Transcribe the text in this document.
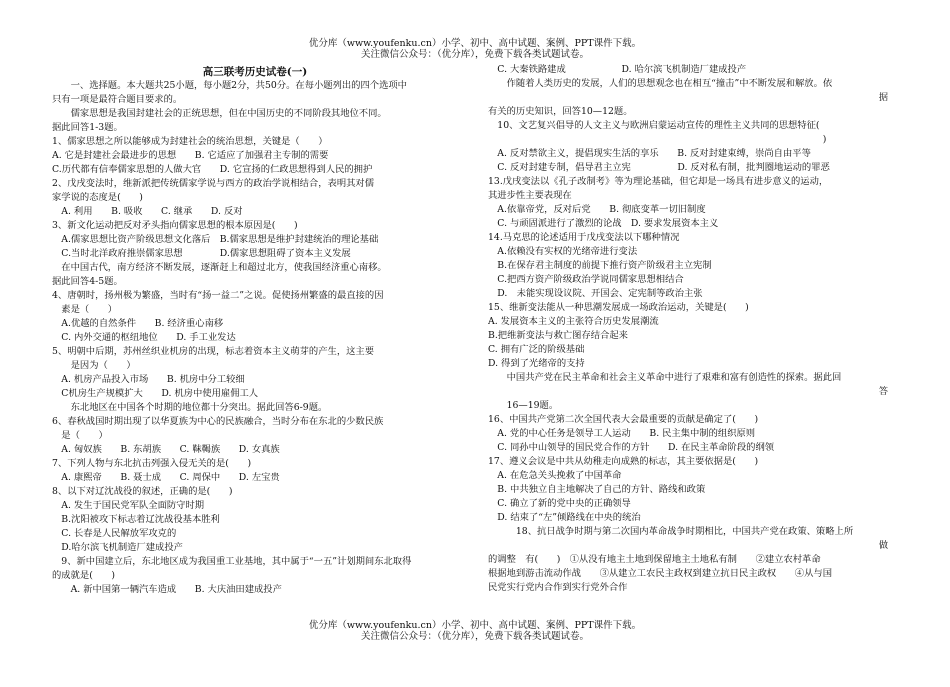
优分库（www.youfenku.cn）小学、初中、高中试题、案例、PPT课件下载。
关注微信公众号：（优分库），免费下载各类试题试卷。
高三联考历史试卷(一)
　　一、选择题。本大题共25小题，每小题2分，共50分。在每小题列出的四个选项中
只有一项是最符合题目要求的。
　　儒家思想是我国封建社会的正统思想，但在中国历史的不同阶段其地位不同。
据此回答1-3题。
1、儒家思想之所以能够成为封建社会的统治思想，关键是（　　）
A. 它是封建社会最进步的思想　　B. 它适应了加强君主专制的需要
C.历代都有信奉儒家思想的人做大官　　D. 它宣扬的仁政思想得到人民的拥护
2、戊戌变法时，维新派把传统儒家学说与西方的政治学说相结合，表明其对儒
家学说的态度是(　　)
　A. 利用　　B. 吸收　　C. 继承　　D. 反对
3、新文化运动把反对矛头指向儒家思想的根本原因是(　　)
　A.儒家思想比资产阶级思想文化落后　B.儒家思想是维护封建统治的理论基础
　C.当时北洋政府推崇儒家思想　　　　D.儒家思想阻碍了资本主义发展
　在中国古代，南方经济不断发展，逐渐赶上和超过北方，使我国经济重心南移。
据此回答4-5题。
4、唐朝时，扬州极为繁盛，当时有“扬一益二”之说。促使扬州繁盛的最直接的因
　素是（　　）
　A.优越的自然条件　　B. 经济重心南移
　C. 内外交通的枢纽地位　　D. 手工业发达
5、明朝中后期，苏州丝织业机房的出现，标志着资本主义萌芽的产生，这主要
　　是因为（　　）
　A. 机房产品投入市场　　B. 机房中分工较细
　C机房生产规模扩大　　D. 机房中使用雇佣工人
　　东北地区在中国各个时期的地位都十分突出。据此回答6-9题。
6、春秋战国时期出现了以华夏族为中心的民族融合，当时分布在东北的少数民族
　是（　　）
　A. 匈奴族　　B. 东胡族　　C. 靺鞨族　　D. 女真族
7、下列人物与东北抗击列强入侵无关的是(　　)
　A. 康熙帝　　B. 聂士成　　C. 周保中　　D. 左宝贵
8、以下对辽沈战役的叙述，正确的是(　　)
　A. 发生于国民党军队全面防守时期
　B.沈阳被攻下标志着辽沈战役基本胜利
　C. 长春是人民解放军攻克的
　D.哈尔滨飞机制造厂建成投产
　9、新中国建立后，东北地区成为我国重工业基地，其中属于“一五”计划期间东北取得
的成就是(　　)
　　A. 新中国第一辆汽车造成　　B. 大庆油田建成投产
　C. 大秦铁路建成　　　　　　D. 哈尔滨飞机制造厂建成投产
　　作随着人类历史的发展，人们的思想观念也在相互“撞击”中不断发展和解放。依
据
有关的历史知识，回答10—12题。
　10、文艺复兴倡导的人文主义与欧洲启蒙运动宣传的理性主义共同的思想特征(
　　　　　　　　　　　　　　　　　　　　　　　　　　　　　　　　　　　　)
　A. 反对禁欲主义，提倡现实生活的享乐　　B. 反对封建束缚，崇尚自由平等
　C. 反对封建专制，倡导君主立宪　　　　　D. 反对私有制，批判圈地运动的罪恶
13.戊戌变法以《孔子改制考》等为理论基础，但它却是一场具有进步意义的运动，
其进步性主要表现在
　A.依靠帝党，反对后党　　B. 彻底变革一切旧制度
　C. 与顽固派进行了激烈的论战　D. 要求发展资本主义
14.马克思的论述适用于戊戌变法以下哪种情况
　A.依赖没有实权的光绪帝进行变法
　B.在保存君主制度的前提下推行资产阶级君主立宪制
　C.把西方资产阶级政治学说同儒家思想相结合
　D.　未能实现设议院、开国会、定宪制等政治主张
15、维新变法能从一种思潮发展成一场政治运动，关键是(　　)
A. 发展资本主义的主张符合历史发展潮流
B.把维新变法与救亡图存结合起来
C. 拥有广泛的阶级基础
D. 得到了光绪帝的支持
　　中国共产党在民主革命和社会主义革命中进行了艰难和富有创造性的探索。据此回
答
　　16—19题。
16、中国共产党第二次全国代表大会最重要的贡献是确定了(　　)
　A. 党的中心任务是领导工人运动　　B. 民主集中制的组织原则
　C. 同孙中山领导的国民党合作的方针　　D. 在民主革命阶段的纲领
17、遵义会议是中共从幼稚走向成熟的标志，其主要依据是(　　)
　A. 在危急关头挽救了中国革命
　B. 中共独立自主地解决了自己的方针、路线和政策
　C. 确立了新的党中央的正确领导
　D. 结束了“左”倾路线在中央的统治
　　　18、抗日战争时期与第二次国内革命战争时期相比，中国共产党在政策、策略上所
做
的调整　有(　　)　①从没有地主土地到保留地主土地私有制　　②建立农村革命
根据地到游击流动作战　　③从建立工农民主政权到建立抗日民主政权　　④从与国
民党实行党内合作到实行党外合作
优分库（www.youfenku.cn）小学、初中、高中试题、案例、PPT课件下载。
关注微信公众号：（优分库），免费下载各类试题试卷。
